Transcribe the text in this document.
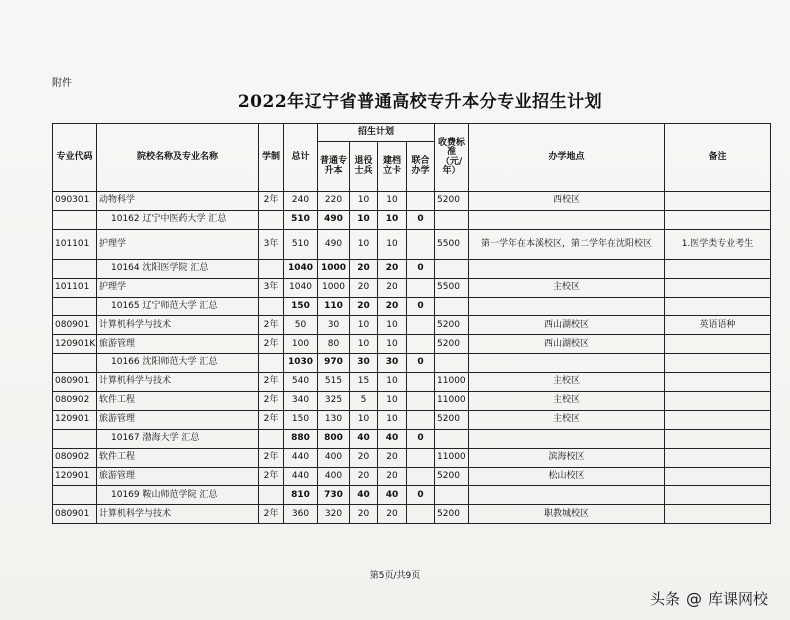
附件
2022年辽宁省普通高校专升本分专业招生计划
专业代码	院校名称及专业名称	学制	总计	招生计划				收费标准（元/年）	办学地点	备注
				普通专升本	退役士兵	建档立卡	联合办学			
090301	动物科学	2年	240	220	10	10		5200	西校区	
	10162 辽宁中医药大学 汇总		510	490	10	10	0			
101101	护理学	3年	510	490	10	10		5500	第一学年在本溪校区，第二学年在沈阳校区	1.医学类专业考生
	10164 沈阳医学院 汇总		1040	1000	20	20	0			
101101	护理学	3年	1040	1000	20	20		5500	主校区	
	10165 辽宁师范大学 汇总		150	110	20	20	0			
080901	计算机科学与技术	2年	50	30	10	10		5200	西山湖校区	英语语种
120901K	旅游管理	2年	100	80	10	10		5200	西山湖校区	
	10166 沈阳师范大学 汇总		1030	970	30	30	0			
080901	计算机科学与技术	2年	540	515	15	10		11000	主校区	
080902	软件工程	2年	340	325	5	10		11000	主校区	
120901	旅游管理	2年	150	130	10	10		5200	主校区	
	10167 渤海大学 汇总		880	800	40	40	0			
080902	软件工程	2年	440	400	20	20		11000	滨海校区	
120901	旅游管理	2年	440	400	20	20		5200	松山校区	
	10169 鞍山师范学院 汇总		810	730	40	40	0			
080901	计算机科学与技术	2年	360	320	20	20		5200	职教城校区	
第5页/共9页
头条 @ 库课网校
